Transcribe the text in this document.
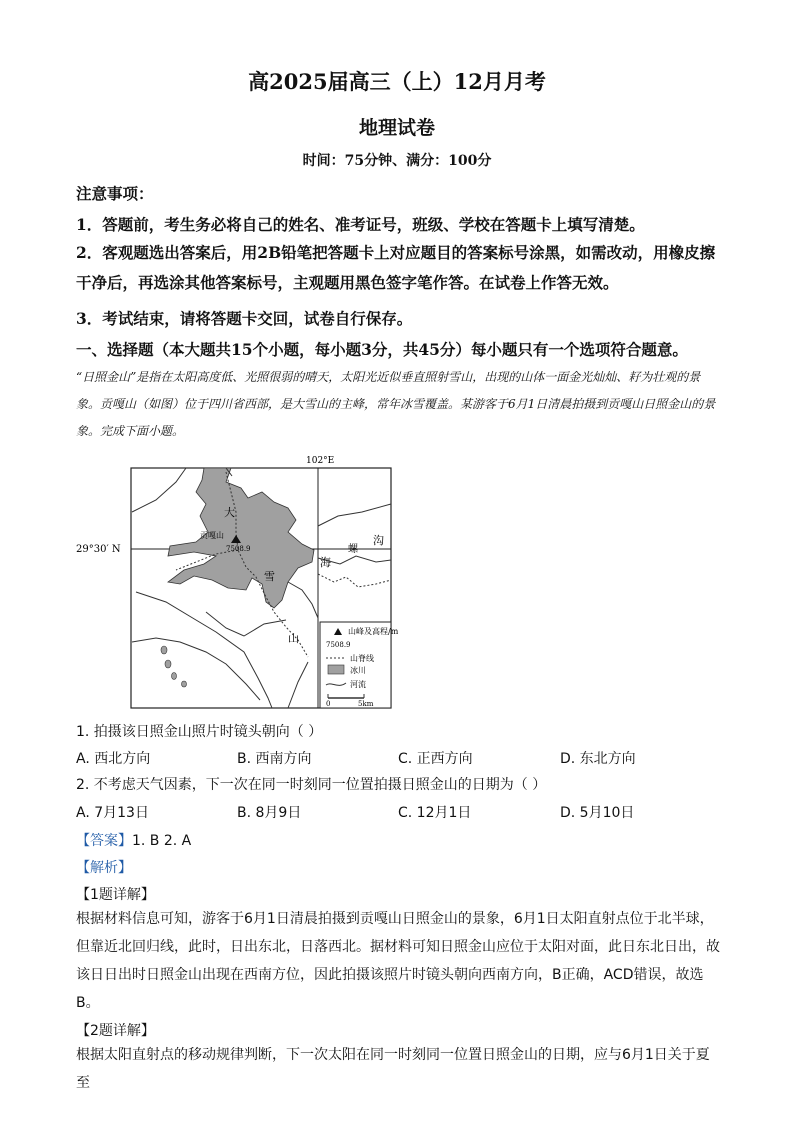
高2025届高三（上）12月月考
地理试卷
时间：75分钟、满分：100分
注意事项：
1．答题前，考生务必将自己的姓名、准考证号，班级、学校在答题卡上填写清楚。
2．客观题选出答案后，用2B铅笔把答题卡上对应题目的答案标号涂黑，如需改动，用橡皮擦干净后，再选涂其他答案标号，主观题用黑色签字笔作答。在试卷上作答无效。
3．考试结束，请将答题卡交回，试卷自行保存。
一、选择题（本大题共15个小题，每小题3分，共45分）每小题只有一个选项符合题意。
“日照金山”是指在太阳高度低、光照很弱的晴天，太阳光近似垂直照射雪山，出现的山体一面金光灿灿、耔为壮观的景象。贡嘎山（如图）位于四川省西部，是大雪山的主峰，常年冰雪覆盖。某游客于6月1日清晨拍摄到贡嘎山日照金山的景象。完成下面小题。
102°E
29°30′ N
贡嘎山
7508.9
大
雪
山
海
螺
沟
山峰及高程/m
7508.9
山脊线
冰川
河流
0	5km
1. 拍摄该日照金山照片时镜头朝向（ ）
A. 西北方向	B. 西南方向	C. 正西方向	D. 东北方向
2. 不考虑天气因素，下一次在同一时刻同一位置拍摄日照金山的日期为（ ）
A. 7月13日	B. 8月9日	C. 12月1日	D. 5月10日
【答案】1. B 2. A
【解析】
【1题详解】
根据材料信息可知，游客于6月1日清晨拍摄到贡嘎山日照金山的景象，6月1日太阳直射点位于北半球，但靠近北回归线，此时，日出东北，日落西北。据材料可知日照金山应位于太阳对面，此日东北日出，故该日日出时日照金山出现在西南方位，因此拍摄该照片时镜头朝向西南方向，B正确，ACD错误，故选B。
【2题详解】
根据太阳直射点的移动规律判断，下一次太阳在同一时刻同一位置日照金山的日期，应与6月1日关于夏至
